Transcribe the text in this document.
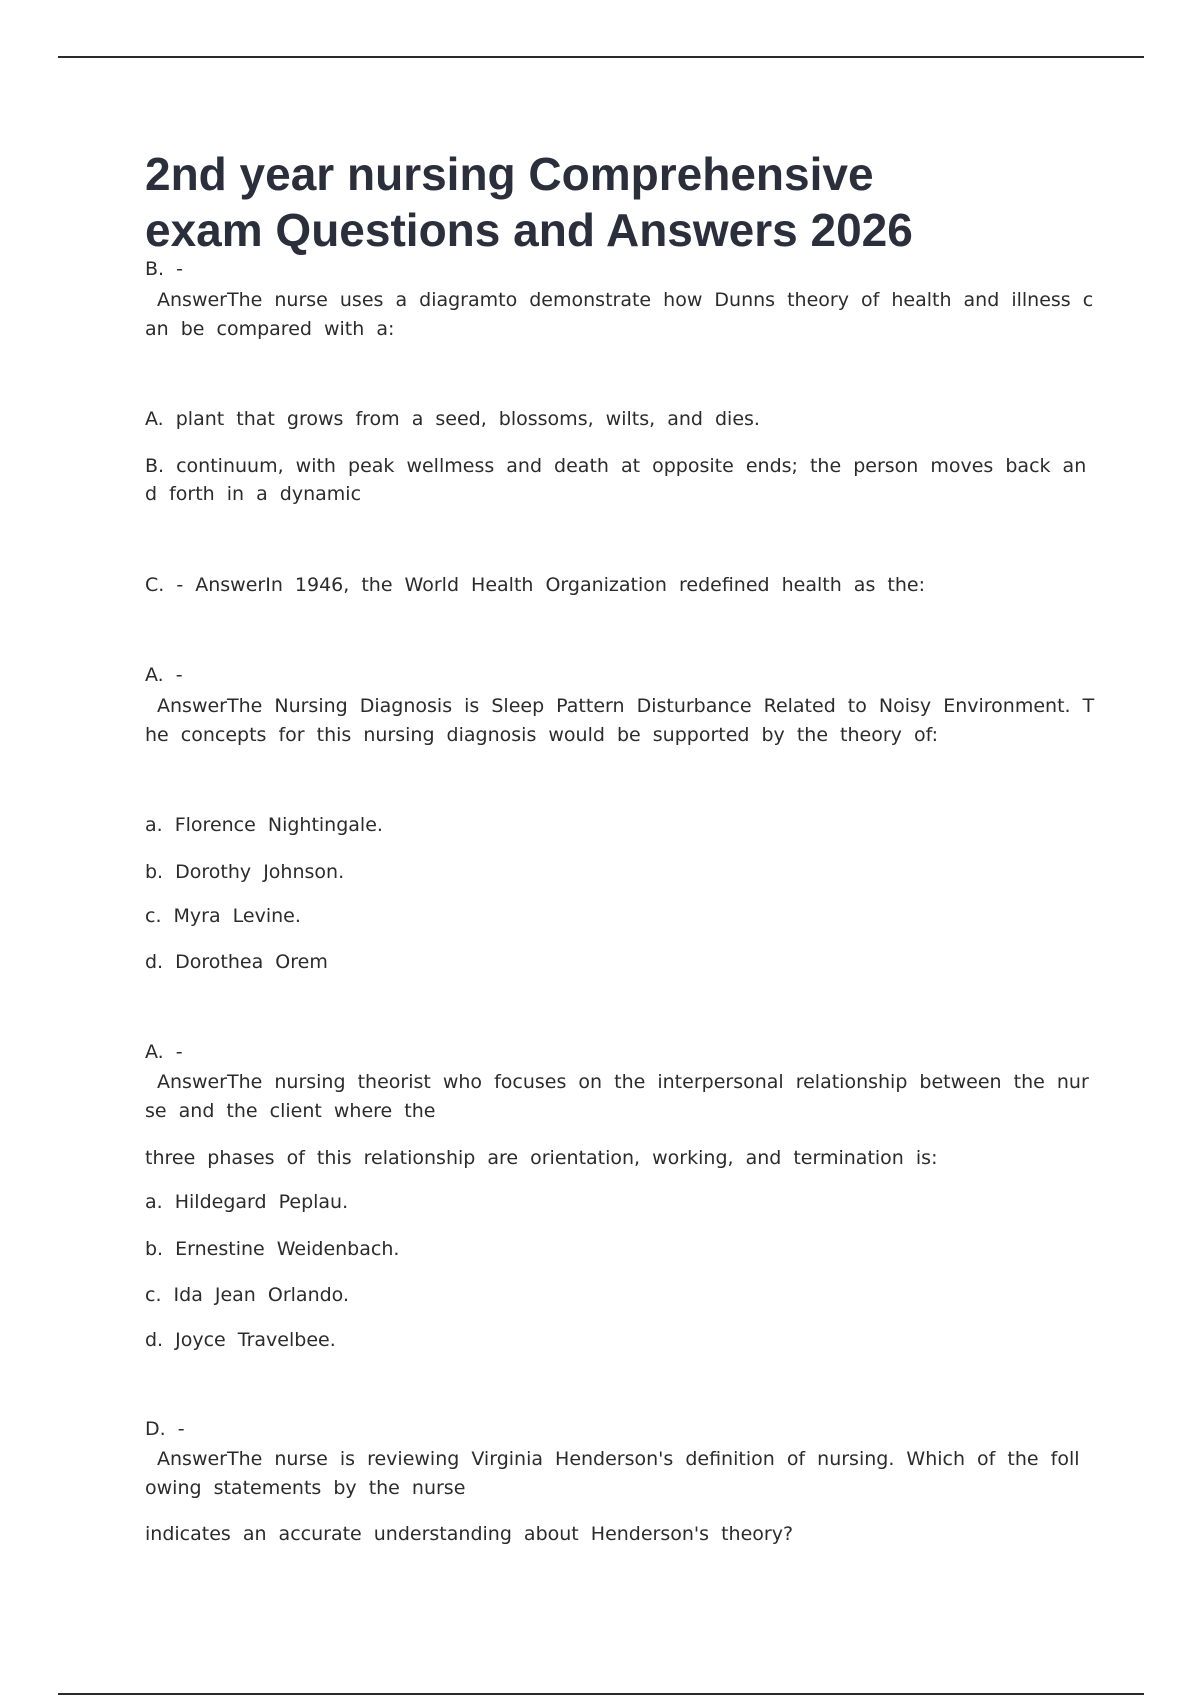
2nd year nursing Comprehensive
exam Questions and Answers 2026

B. -

AnswerThe nurse uses a diagramto demonstrate how Dunns theory of health and illness c

an be compared with a:

A. plant that grows from a seed, blossoms, wilts, and dies.

B. continuum, with peak wellmess and death at opposite ends; the person moves back an

d forth in a dynamic

C. - AnswerIn 1946, the World Health Organization redefined health as the:

A. -

AnswerThe Nursing Diagnosis is Sleep Pattern Disturbance Related to Noisy Environment. T

he concepts for this nursing diagnosis would be supported by the theory of:

a. Florence Nightingale.

b. Dorothy Johnson.

c. Myra Levine.

d. Dorothea Orem

A. -

AnswerThe nursing theorist who focuses on the interpersonal relationship between the nur

se and the client where the

three phases of this relationship are orientation, working, and termination is:

a. Hildegard Peplau.

b. Ernestine Weidenbach.

c. Ida Jean Orlando.

d. Joyce Travelbee.

D. -

AnswerThe nurse is reviewing Virginia Henderson's definition of nursing. Which of the foll

owing statements by the nurse

indicates an accurate understanding about Henderson's theory?
